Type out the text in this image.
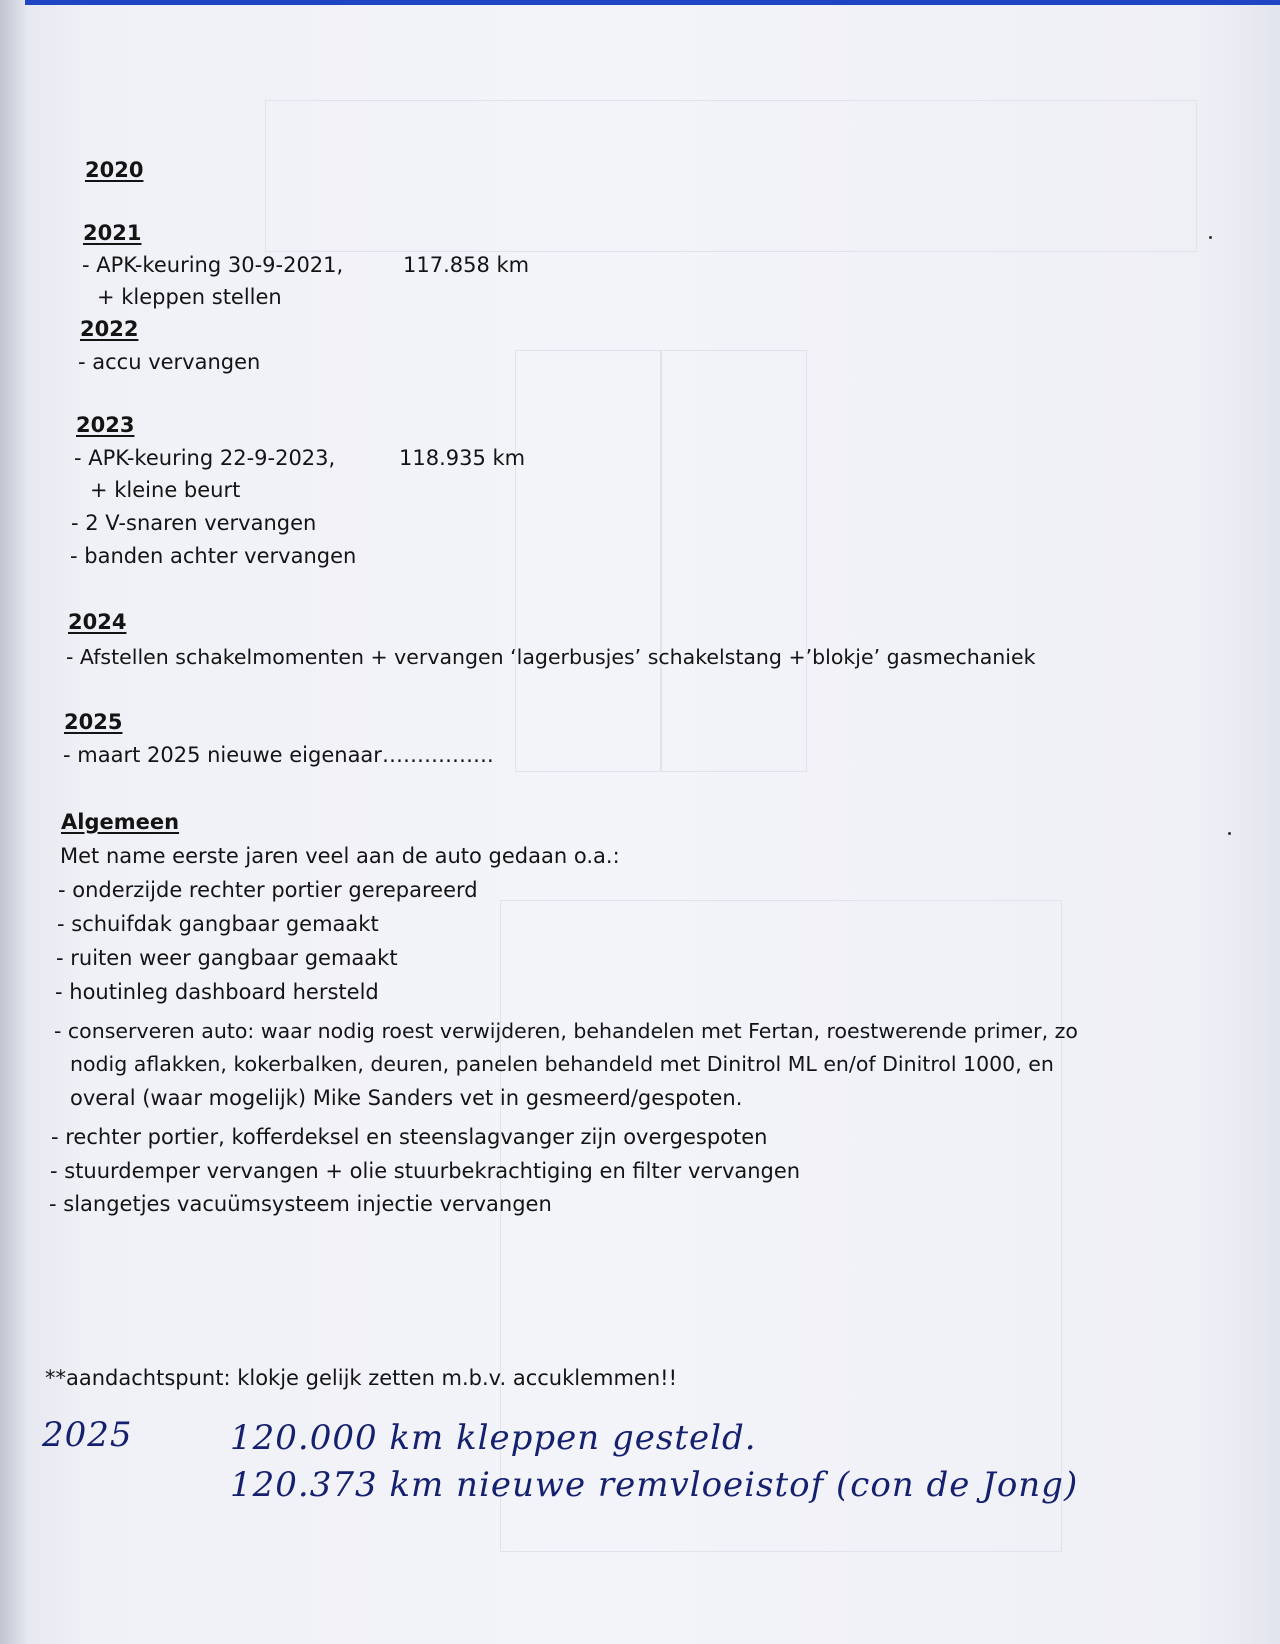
2020
2021
- APK-keuring 30-9-2021,	117.858 km
+ kleppen stellen
2022
- accu vervangen
2023
- APK-keuring 22-9-2023,	118.935 km
+ kleine beurt
- 2 V-snaren vervangen
- banden achter vervangen
2024
- Afstellen schakelmomenten + vervangen ‘lagerbusjes’ schakelstang +’blokje’ gasmechaniek
2025
- maart 2025 nieuwe eigenaar…………….
Algemeen
Met name eerste jaren veel aan de auto gedaan o.a.:
- onderzijde rechter portier gerepareerd
- schuifdak gangbaar gemaakt
- ruiten weer gangbaar gemaakt
- houtinleg dashboard hersteld
- conserveren auto: waar nodig roest verwijderen, behandelen met Fertan, roestwerende primer, zo
nodig aflakken, kokerbalken, deuren, panelen behandeld met Dinitrol ML en/of Dinitrol 1000, en
overal (waar mogelijk) Mike Sanders vet in gesmeerd/gespoten.
- rechter portier, kofferdeksel en steenslagvanger zijn overgespoten
- stuurdemper vervangen + olie stuurbekrachtiging en filter vervangen
- slangetjes vacuümsysteem injectie vervangen
**aandachtspunt: klokje gelijk zetten m.b.v. accuklemmen!!
2025	120.000 km kleppen gesteld.
120.373 km nieuwe remvloeistof (con de Jong)
